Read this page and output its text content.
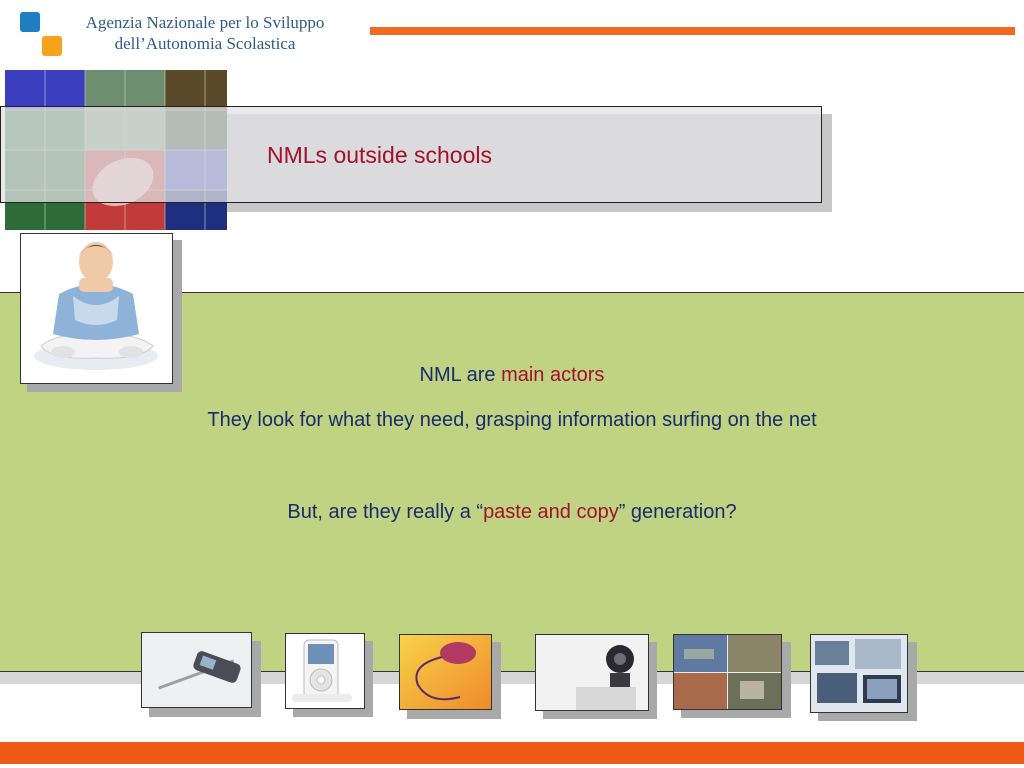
Agenzia Nazionale per lo Sviluppo
dell’Autonomia Scolastica
NMLs outside schools
NML are main actors
They look for what they need, grasping information surfing on the net
But, are they really a “paste and copy” generation?
